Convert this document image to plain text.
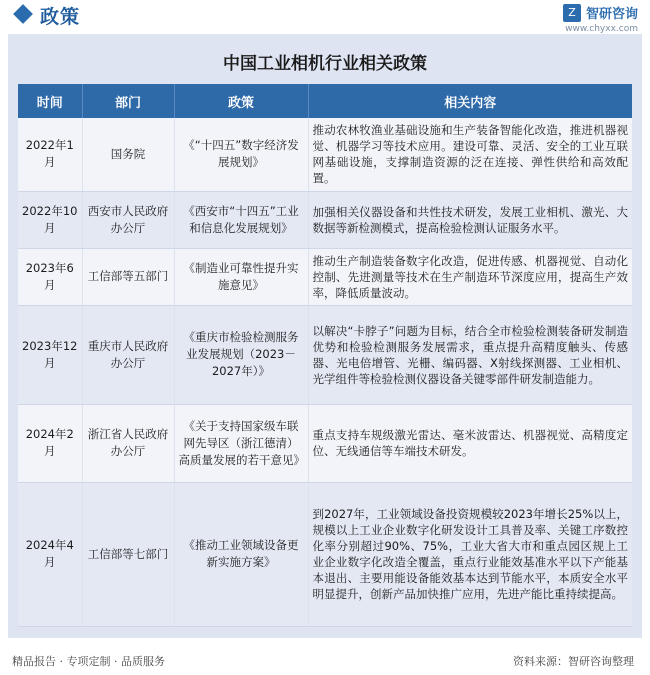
政策	Z 智研咨询
www.chyxx.com
中国工业相机行业相关政策
时间	部门	政策	相关内容
2022年1月	国务院	《“十四五”数字经济发展规划》	推动农林牧渔业基础设施和生产装备智能化改造，推进机器视觉、机器学习等技术应用。建设可靠、灵活、安全的工业互联网基础设施，支撑制造资源的泛在连接、弹性供给和高效配置。
2022年10月	西安市人民政府办公厅	《西安市“十四五”工业和信息化发展规划》	加强相关仪器设备和共性技术研发，发展工业相机、激光、大数据等新检测模式，提高检验检测认证服务水平。
2023年6月	工信部等五部门	《制造业可靠性提升实施意见》	推动生产制造装备数字化改造，促进传感、机器视觉、自动化控制、先进测量等技术在生产制造环节深度应用，提高生产效率，降低质量波动。
2023年12月	重庆市人民政府办公厅	《重庆市检验检测服务业发展规划（2023－2027年）》	以解决“卡脖子”问题为目标，结合全市检验检测装备研发制造优势和检验检测服务发展需求，重点提升高精度触头、传感器、光电倍增管、光栅、编码器、X射线探测器、工业相机、光学组件等检验检测仪器设备关键零部件研发制造能力。
2024年2月	浙江省人民政府办公厅	《关于支持国家级车联网先导区（浙江德清）高质量发展的若干意见》	重点支持车规级激光雷达、毫米波雷达、机器视觉、高精度定位、无线通信等车端技术研发。
2024年4月	工信部等七部门	《推动工业领域设备更新实施方案》	到2027年，工业领域设备投资规模较2023年增长25%以上，规模以上工业企业数字化研发设计工具普及率、关键工序数控化率分别超过90%、75%，工业大省大市和重点园区规上工业企业数字化改造全覆盖，重点行业能效基准水平以下产能基本退出、主要用能设备能效基本达到节能水平，本质安全水平明显提升，创新产品加快推广应用，先进产能比重持续提高。
精品报告 · 专项定制 · 品质服务	资料来源：智研咨询整理
